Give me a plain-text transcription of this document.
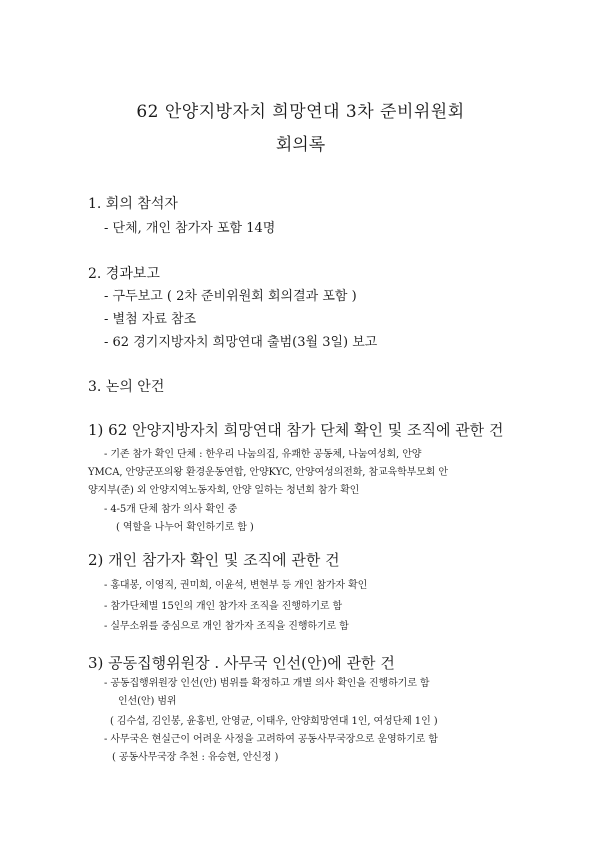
62 안양지방자치 희망연대 3차 준비위원회
회의록
1. 회의 참석자
- 단체, 개인 참가자 포함 14명
2. 경과보고
- 구두보고 ( 2차 준비위원회 회의결과 포함 )
- 별첨 자료 참조
- 62 경기지방자치 희망연대 출범(3월 3일) 보고
3. 논의 안건
1) 62 안양지방자치 희망연대 참가 단체 확인 및 조직에 관한 건
- 기존 참가 확인 단체 : 한우리 나눔의집, 유쾌한 공동체, 나눔여성회, 안양
YMCA, 안양군포의왕 환경운동연합, 안양KYC, 안양여성의전화, 참교육학부모회 안
양지부(준) 외 안양지역노동자회, 안양 일하는 청년회 참가 확인
- 4-5개 단체 참가 의사 확인 중
( 역할을 나누어 확인하기로 함 )
2) 개인 참가자 확인 및 조직에 관한 건
- 홍대봉, 이영직, 권미희, 이윤석, 변현부 등 개인 참가자 확인
- 참가단체별 15인의 개인 참가자 조직을 진행하기로 함
- 실무소위를 중심으로 개인 참가자 조직을 진행하기로 함
3) 공동집행위원장 . 사무국 인선(안)에 관한 건
- 공동집행위원장 인선(안) 범위를 확정하고 개별 의사 확인을 진행하기로 함
인선(안) 범위
( 김수섭, 김인봉, 윤홍빈, 안영균, 이태우, 안양희망연대 1인, 여성단체 1인 )
- 사무국은 현실근이 어려운 사정을 고려하여 공동사무국장으로 운영하기로 함
( 공동사무국장 추천 : 유승현, 안신정 )
